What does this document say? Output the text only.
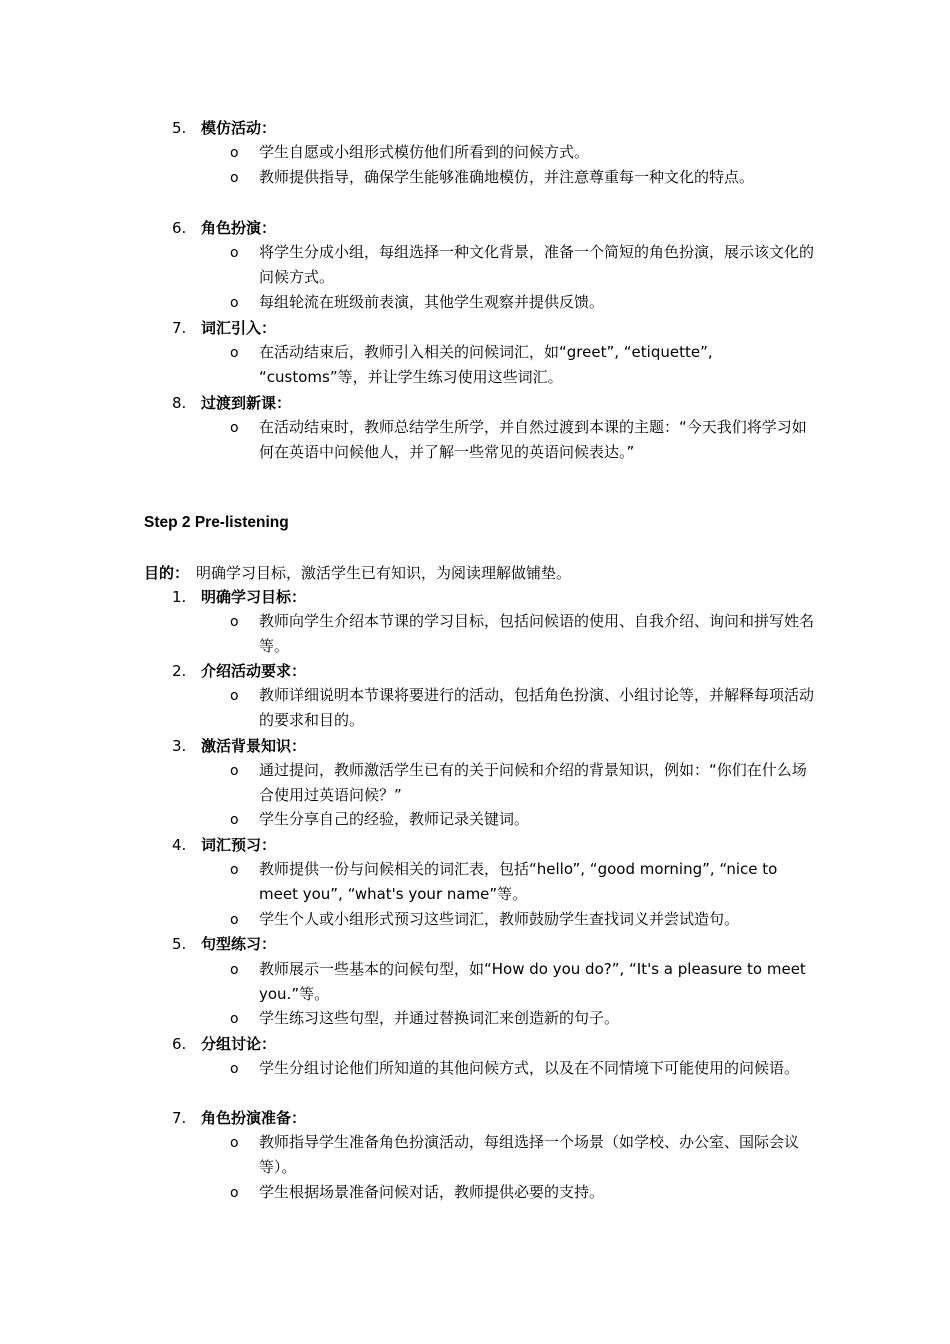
5. 模仿活动：
o 学生自愿或小组形式模仿他们所看到的问候方式。
o 教师提供指导，确保学生能够准确地模仿，并注意尊重每一种文化的特点。
6. 角色扮演：
o 将学生分成小组，每组选择一种文化背景，准备一个简短的角色扮演，展示该文化的问候方式。
o 每组轮流在班级前表演，其他学生观察并提供反馈。
7. 词汇引入：
o 在活动结束后，教师引入相关的问候词汇，如“greet”, “etiquette”, “customs”等，并让学生练习使用这些词汇。
8. 过渡到新课：
o 在活动结束时，教师总结学生所学，并自然过渡到本课的主题：“今天我们将学习如何在英语中问候他人，并了解一些常见的英语问候表达。”
Step 2 Pre-listening
目的： 明确学习目标，激活学生已有知识，为阅读理解做铺垫。
1. 明确学习目标：
o 教师向学生介绍本节课的学习目标，包括问候语的使用、自我介绍、询问和拼写姓名等。
2. 介绍活动要求：
o 教师详细说明本节课将要进行的活动，包括角色扮演、小组讨论等，并解释每项活动的要求和目的。
3. 激活背景知识：
o 通过提问，教师激活学生已有的关于问候和介绍的背景知识，例如：“你们在什么场合使用过英语问候？”
o 学生分享自己的经验，教师记录关键词。
4. 词汇预习：
o 教师提供一份与问候相关的词汇表，包括“hello”, “good morning”, “nice to meet you”, “what's your name”等。
o 学生个人或小组形式预习这些词汇，教师鼓励学生查找词义并尝试造句。
5. 句型练习：
o 教师展示一些基本的问候句型，如“How do you do?”, “It's a pleasure to meet you.”等。
o 学生练习这些句型，并通过替换词汇来创造新的句子。
6. 分组讨论：
o 学生分组讨论他们所知道的其他问候方式，以及在不同情境下可能使用的问候语。
7. 角色扮演准备：
o 教师指导学生准备角色扮演活动，每组选择一个场景（如学校、办公室、国际会议等）。
o 学生根据场景准备问候对话，教师提供必要的支持。
